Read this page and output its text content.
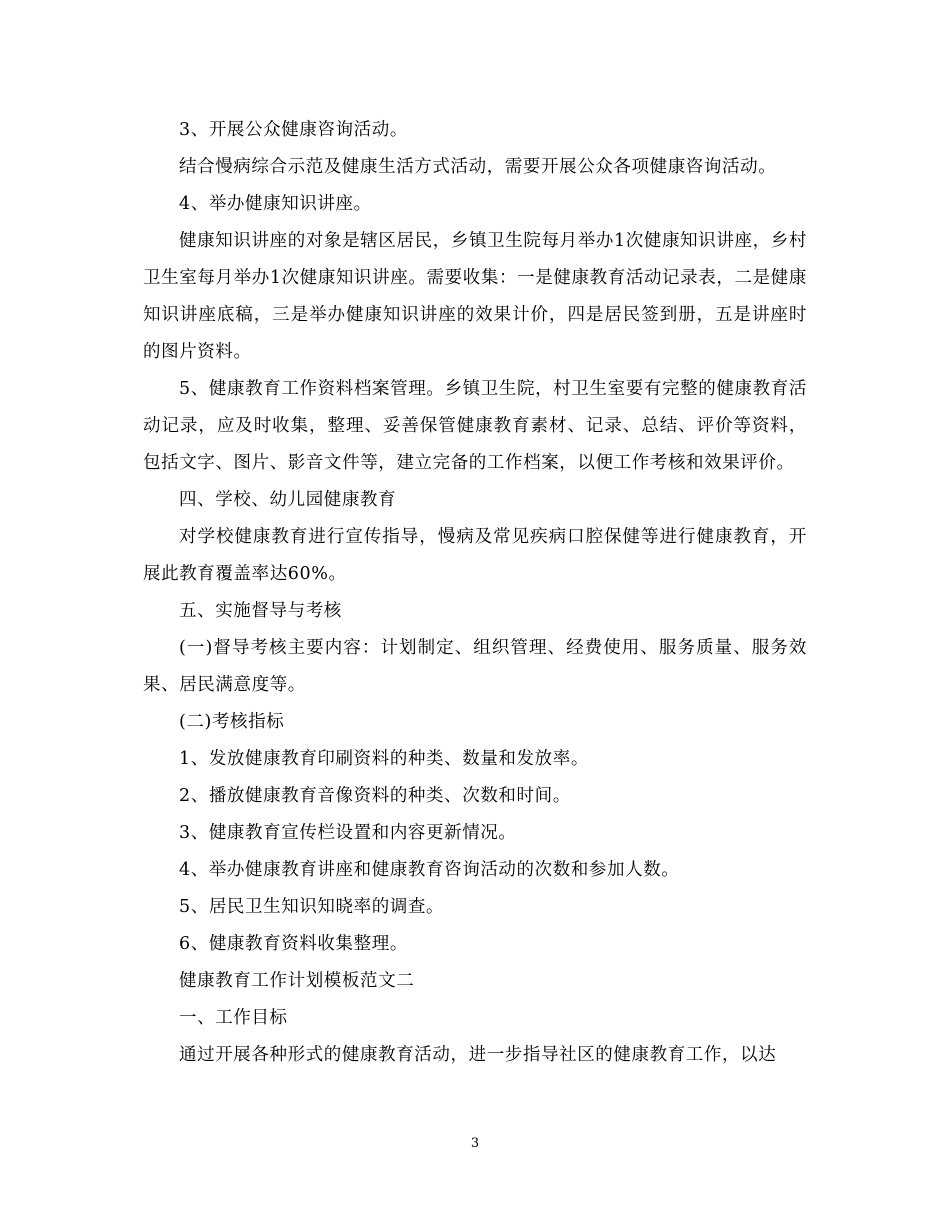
3、开展公众健康咨询活动。

结合慢病综合示范及健康生活方式活动，需要开展公众各项健康咨询活动。

4、举办健康知识讲座。

健康知识讲座的对象是辖区居民，乡镇卫生院每月举办1次健康知识讲座，乡村卫生室每月举办1次健康知识讲座。需要收集：一是健康教育活动记录表，二是健康知识讲座底稿，三是举办健康知识讲座的效果计价，四是居民签到册，五是讲座时的图片资料。

5、健康教育工作资料档案管理。乡镇卫生院，村卫生室要有完整的健康教育活动记录，应及时收集，整理、妥善保管健康教育素材、记录、总结、评价等资料，包括文字、图片、影音文件等，建立完备的工作档案，以便工作考核和效果评价。

四、学校、幼儿园健康教育

对学校健康教育进行宣传指导，慢病及常见疾病口腔保健等进行健康教育，开展此教育覆盖率达60%。

五、实施督导与考核

(一)督导考核主要内容：计划制定、组织管理、经费使用、服务质量、服务效果、居民满意度等。

(二)考核指标

1、发放健康教育印刷资料的种类、数量和发放率。

2、播放健康教育音像资料的种类、次数和时间。

3、健康教育宣传栏设置和内容更新情况。

4、举办健康教育讲座和健康教育咨询活动的次数和参加人数。

5、居民卫生知识知晓率的调查。

6、健康教育资料收集整理。

健康教育工作计划模板范文二

一、工作目标

通过开展各种形式的健康教育活动，进一步指导社区的健康教育工作，以达

3
